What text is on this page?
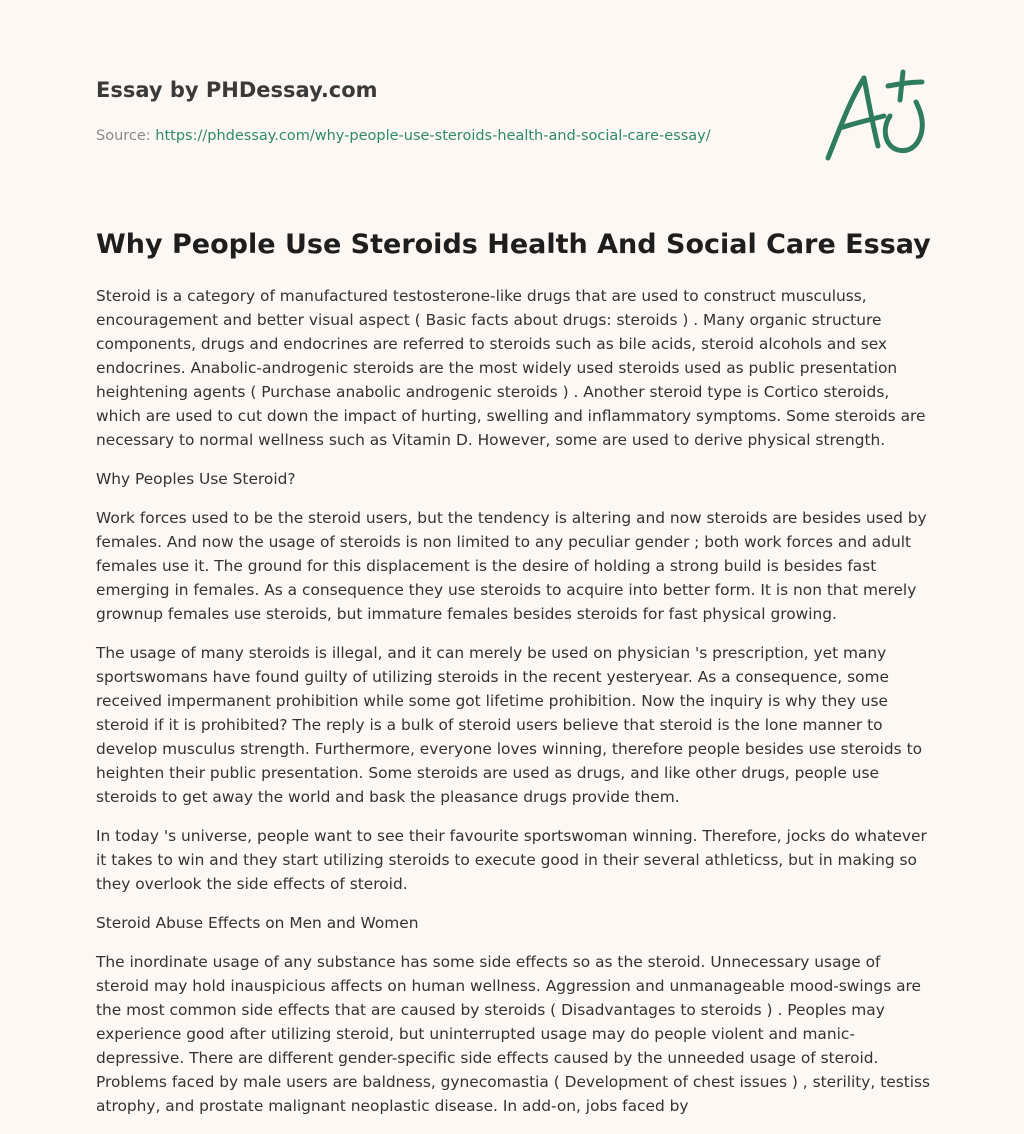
Essay by PHDessay.com
Source: https://phdessay.com/why-people-use-steroids-health-and-social-care-essay/
Why People Use Steroids Health And Social Care Essay

Steroid is a category of manufactured testosterone-like drugs that are used to construct musculuss, encouragement and better visual aspect ( Basic facts about drugs: steroids ) . Many organic structure components, drugs and endocrines are referred to steroids such as bile acids, steroid alcohols and sex endocrines. Anabolic-androgenic steroids are the most widely used steroids used as public presentation heightening agents ( Purchase anabolic androgenic steroids ) . Another steroid type is Cortico steroids, which are used to cut down the impact of hurting, swelling and inflammatory symptoms. Some steroids are necessary to normal wellness such as Vitamin D. However, some are used to derive physical strength.

Why Peoples Use Steroid?

Work forces used to be the steroid users, but the tendency is altering and now steroids are besides used by females. And now the usage of steroids is non limited to any peculiar gender ; both work forces and adult females use it. The ground for this displacement is the desire of holding a strong build is besides fast emerging in females. As a consequence they use steroids to acquire into better form. It is non that merely grownup females use steroids, but immature females besides steroids for fast physical growing.

The usage of many steroids is illegal, and it can merely be used on physician 's prescription, yet many sportswomans have found guilty of utilizing steroids in the recent yesteryear. As a consequence, some received impermanent prohibition while some got lifetime prohibition. Now the inquiry is why they use steroid if it is prohibited? The reply is a bulk of steroid users believe that steroid is the lone manner to develop musculus strength. Furthermore, everyone loves winning, therefore people besides use steroids to heighten their public presentation. Some steroids are used as drugs, and like other drugs, people use steroids to get away the world and bask the pleasance drugs provide them.

In today 's universe, people want to see their favourite sportswoman winning. Therefore, jocks do whatever it takes to win and they start utilizing steroids to execute good in their several athleticss, but in making so they overlook the side effects of steroid.

Steroid Abuse Effects on Men and Women

The inordinate usage of any substance has some side effects so as the steroid. Unnecessary usage of steroid may hold inauspicious affects on human wellness. Aggression and unmanageable mood-swings are the most common side effects that are caused by steroids ( Disadvantages to steroids ) . Peoples may experience good after utilizing steroid, but uninterrupted usage may do people violent and manic-depressive. There are different gender-specific side effects caused by the unneeded usage of steroid. Problems faced by male users are baldness, gynecomastia ( Development of chest issues ) , sterility, testiss atrophy, and prostate malignant neoplastic disease. In add-on, jobs faced by
